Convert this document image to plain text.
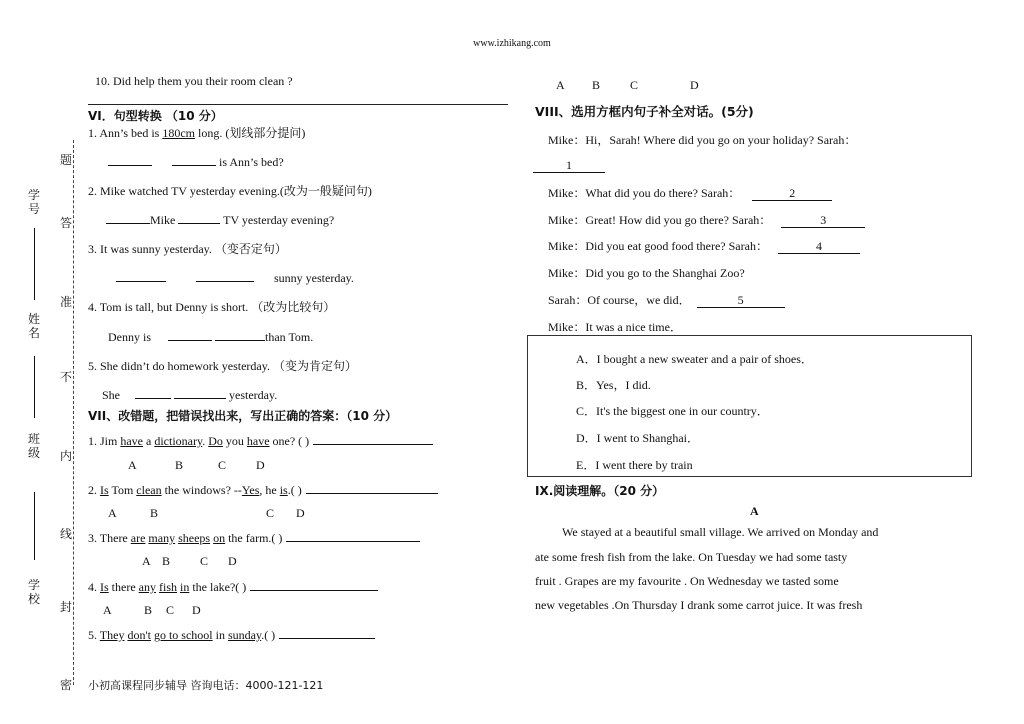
www.izhikang.com
学号
姓名
班级
学校
题
答
准
不
内
线
封
密
10. Did help them you their room clean ?
VI．句型转换 （10 分）
1. Ann’s bed is 180cm long. (划线部分提问)
is Ann’s bed?
2. Mike watched TV yesterday evening.(改为一般疑问句)
Mike	TV yesterday evening?
3. It was sunny yesterday. （变否定句）
sunny yesterday.
4. Tom is tall, but Denny is short. （改为比较句）
Denny is	than Tom.
5. She didn’t do homework yesterday. （变为肯定句）
She	yesterday.
VII、改错题，把错误找出来，写出正确的答案：（10 分）
1. Jim have a dictionary. Do you have one? ( )
A	B	C D
2. Is Tom clean the windows? --Yes, he is.( )
A	B	C D
3. There are many sheeps on the farm.( )
A B C D
4. Is there any fish in the lake?( )
A	B C D
5. They don't go to school in sunday.( )
小初高课程同步辅导 咨询电话：4000-121-121
A B C	D
VIII、选用方框内句子补全对话。(5分)
Mike：Hi，Sarah! Where did you go on your holiday? Sarah：
1
Mike：What did you do there? Sarah：	2
Mike：Great! How did you go there? Sarah：	3
Mike：Did you eat good food there? Sarah：	4
Mike：Did you go to the Shanghai Zoo?
Sarah：Of course，we did．	5
Mike：It was a nice time．
A．I bought a new sweater and a pair of shoes．
B．Yes，I did.
C．It's the biggest one in our country．
D．I went to Shanghai．
E．I went there by train
IX.阅读理解。（20 分）
A
We stayed at a beautiful small village. We arrived on Monday and
ate some fresh fish from the lake. On Tuesday we had some tasty
fruit . Grapes are my favourite . On Wednesday we tasted some
new vegetables .On Thursday I drank some carrot juice. It was fresh
